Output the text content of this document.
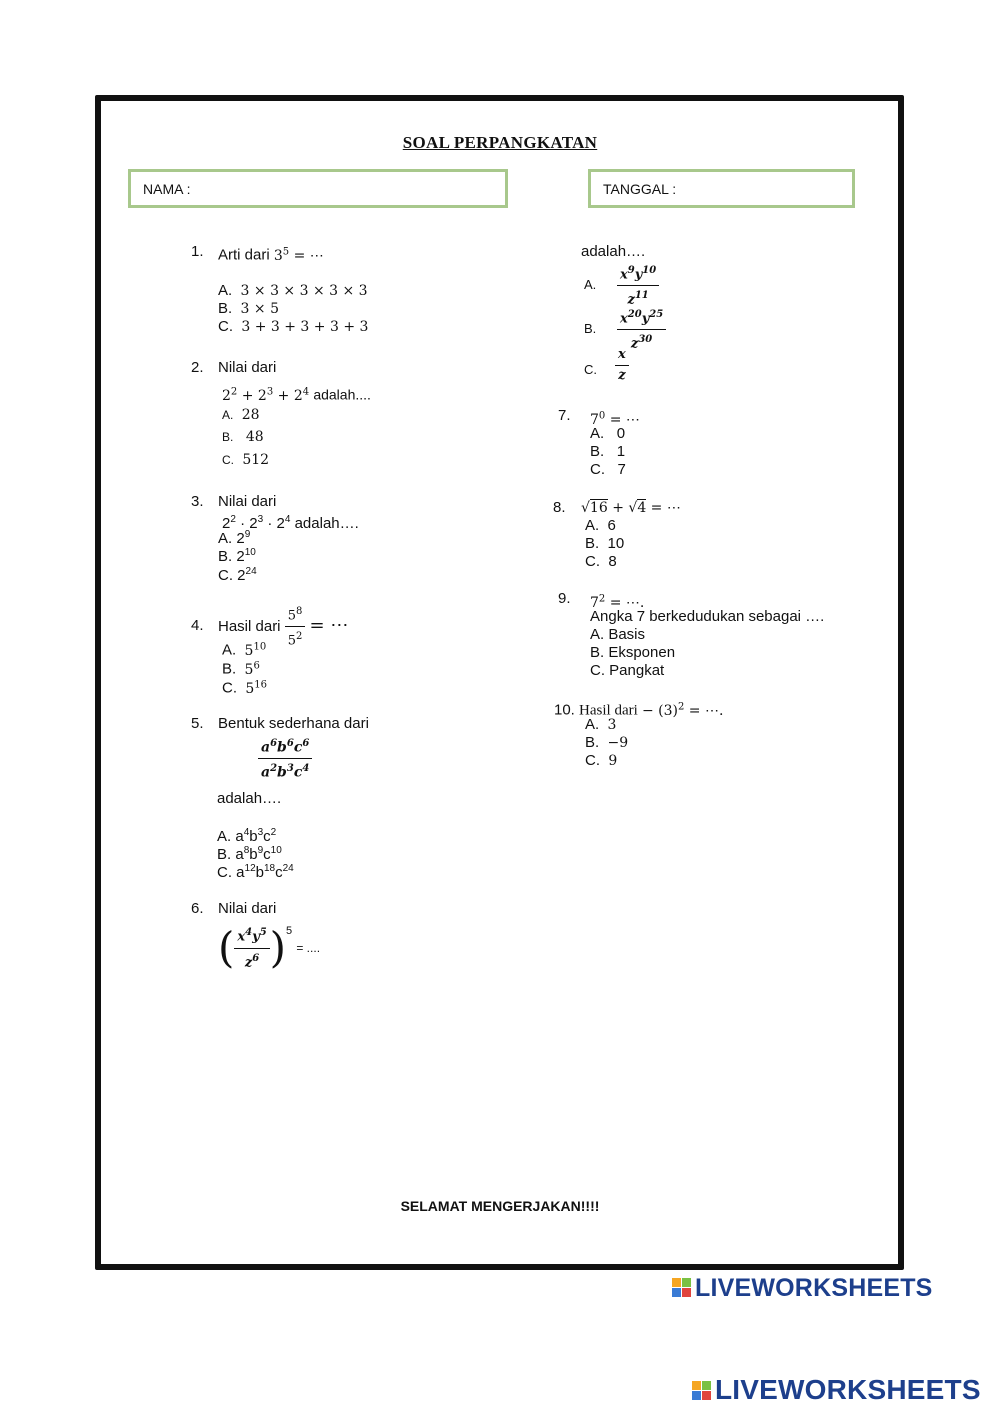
SOAL PERPANGKATAN
NAMA :	TANGGAL :
1. Arti dari $3^5$ = ⋯
A. 3 × 3 × 3 × 3 × 3
B. 3 × 5
C. 3 + 3 + 3 + 3 + 3
2. Nilai dari
$2^2 + 2^3 + 2^4$ adalah....
A. 28
B. 48
C. 512
3. Nilai dari
$2^2 \cdot 2^3 \cdot 2^4$ adalah….
A. $2^9$
B. $2^{10}$
C. $2^{24}$
4. Hasil dari $\frac{5^8}{5^2}$ = ⋯
A. $5^{10}$
B. $5^6$
C. $5^{16}$
5. Bentuk sederhana dari
$\frac{a^6b^6c^6}{a^2b^3c^4}$
adalah….
A. $a^4b^3c^2$
B. $a^8b^9c^{10}$
C. $a^{12}b^{18}c^{24}$
6. Nilai dari
( $\frac{x^4y^5}{z^6} )^5$ = ....
adalah….
A. $\frac{x^9y^{10}}{z^{11}}$
B. $\frac{x^{20}y^{25}}{z^{30}}$
C. $\frac{x}{z}$
7. $7^0$ = ⋯
A. 0
B. 1
C. 7
8. √16 + √4 = ⋯
A. 6
B. 10
C. 8
9. $7^2$ = ⋯.
Angka 7 berkedudukan sebagai ….
A. Basis
B. Eksponen
C. Pangkat
10. Hasil dari − $(3)^2$ = ⋯.
A. 3
B. −9
C. 9
SELAMAT MENGERJAKAN!!!!
LIVEWORKSHEETS
LIVEWORKSHEETS
